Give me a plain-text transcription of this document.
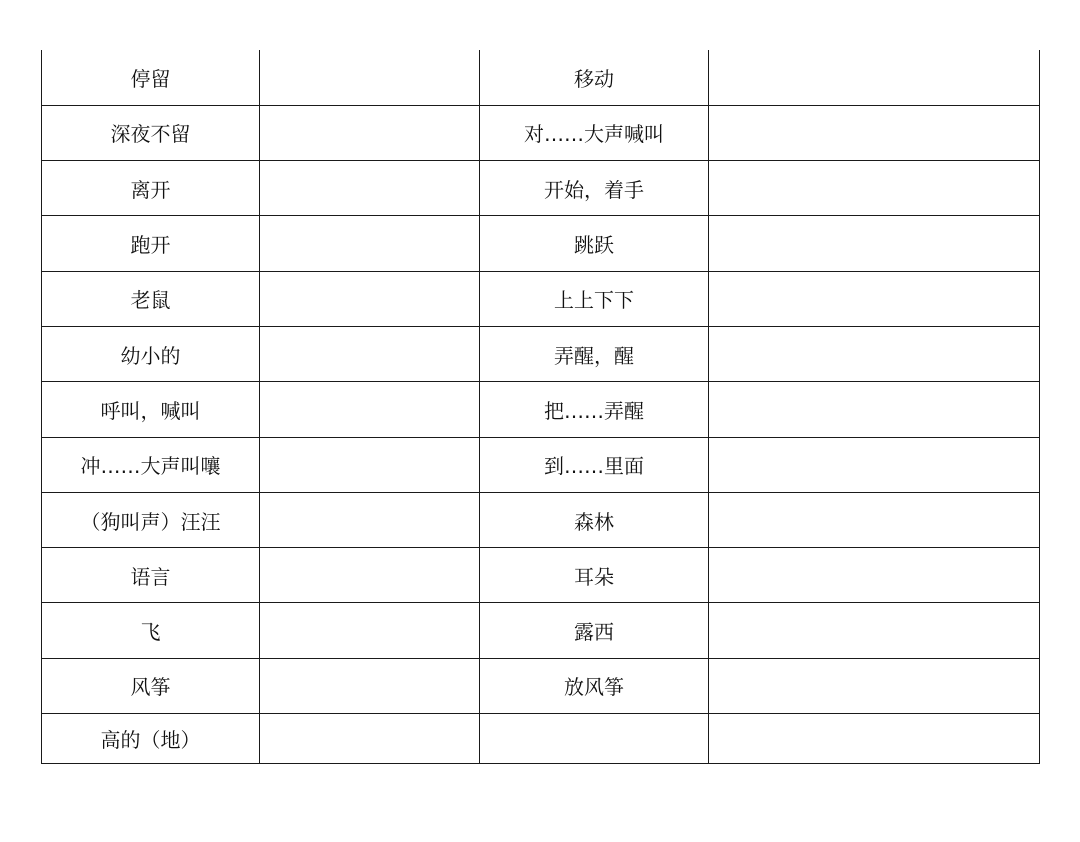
停留		移动	
深夜不留		对……大声喊叫	
离开		开始，着手	
跑开		跳跃	
老鼠		上上下下	
幼小的		弄醒，醒	
呼叫，喊叫		把……弄醒	
冲……大声叫嚷		到……里面	
（狗叫声）汪汪		森林	
语言		耳朵	
飞		露西	
风筝		放风筝	
高的（地）			
